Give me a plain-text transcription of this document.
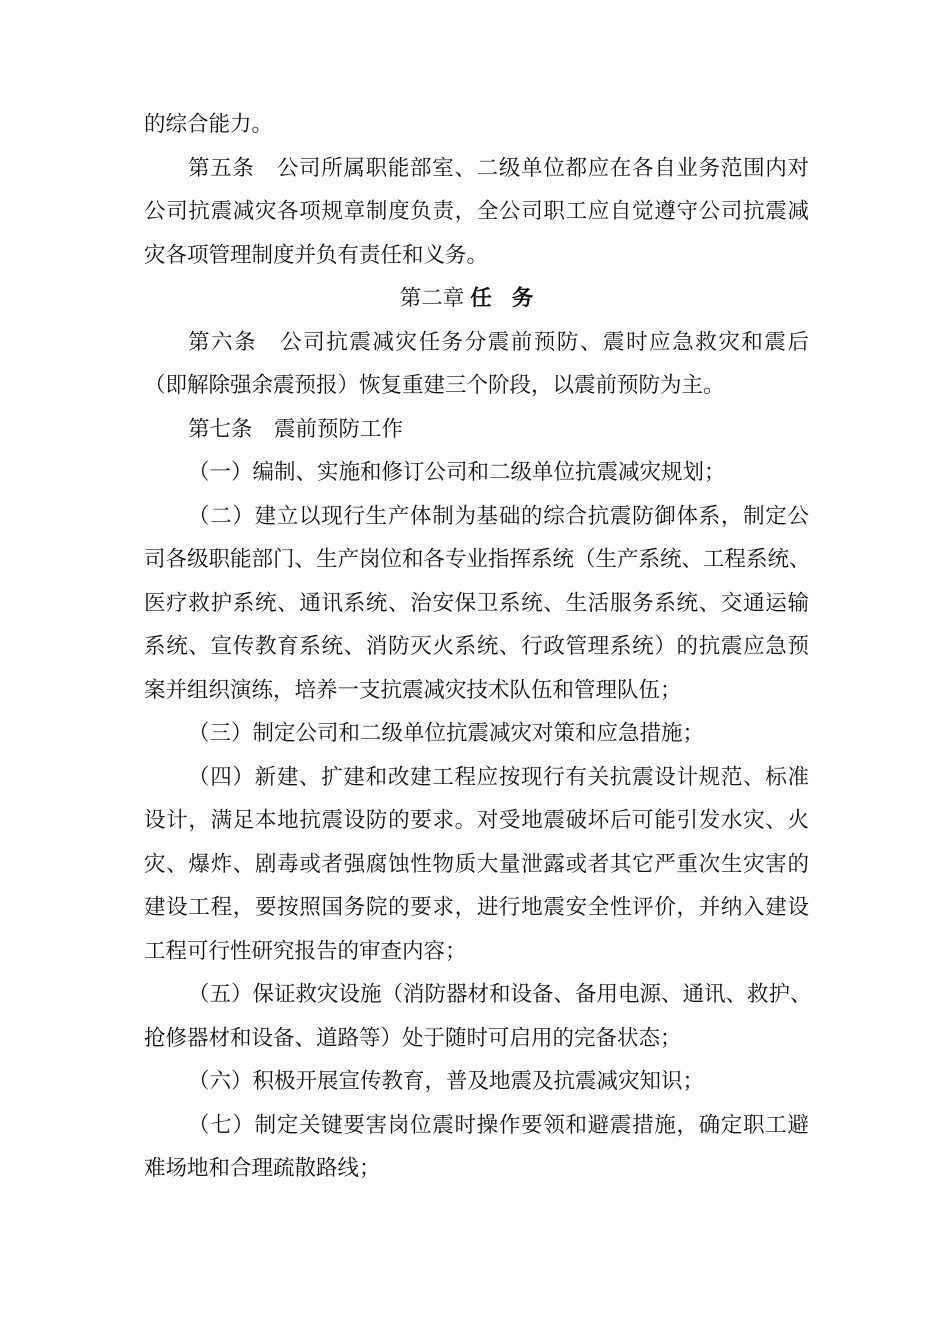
的综合能力。
第五条　公司所属职能部室、二级单位都应在各自业务范围内对
公司抗震减灾各项规章制度负责，全公司职工应自觉遵守公司抗震减
灾各项管理制度并负有责任和义务。
第二章 任务
第六条　公司抗震减灾任务分震前预防、震时应急救灾和震后
（即解除强余震预报）恢复重建三个阶段，以震前预防为主。
第七条　震前预防工作
（一）编制、实施和修订公司和二级单位抗震减灾规划；
（二）建立以现行生产体制为基础的综合抗震防御体系，制定公
司各级职能部门、生产岗位和各专业指挥系统（生产系统、工程系统、
医疗救护系统、通讯系统、治安保卫系统、生活服务系统、交通运输
系统、宣传教育系统、消防灭火系统、行政管理系统）的抗震应急预
案并组织演练，培养一支抗震减灾技术队伍和管理队伍；
（三）制定公司和二级单位抗震减灾对策和应急措施；
（四）新建、扩建和改建工程应按现行有关抗震设计规范、标准
设计，满足本地抗震设防的要求。对受地震破坏后可能引发水灾、火
灾、爆炸、剧毒或者强腐蚀性物质大量泄露或者其它严重次生灾害的
建设工程，要按照国务院的要求，进行地震安全性评价，并纳入建设
工程可行性研究报告的审查内容；
（五）保证救灾设施（消防器材和设备、备用电源、通讯、救护、
抢修器材和设备、道路等）处于随时可启用的完备状态；
（六）积极开展宣传教育，普及地震及抗震减灾知识；
（七）制定关键要害岗位震时操作要领和避震措施，确定职工避
难场地和合理疏散路线；
